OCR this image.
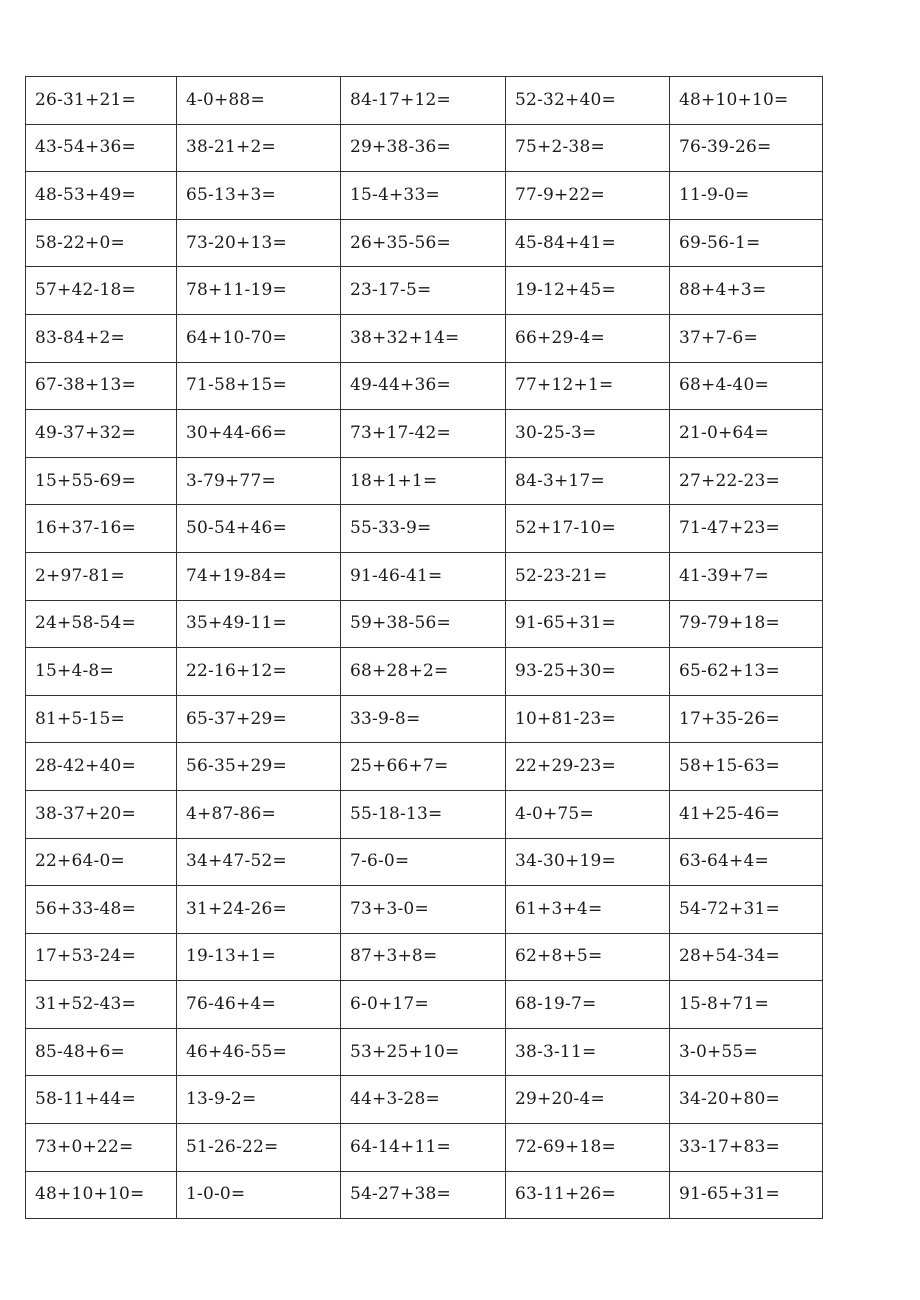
26-31+21=	4-0+88=	84-17+12=	52-32+40=	48+10+10=
43-54+36=	38-21+2=	29+38-36=	75+2-38=	76-39-26=
48-53+49=	65-13+3=	15-4+33=	77-9+22=	11-9-0=
58-22+0=	73-20+13=	26+35-56=	45-84+41=	69-56-1=
57+42-18=	78+11-19=	23-17-5=	19-12+45=	88+4+3=
83-84+2=	64+10-70=	38+32+14=	66+29-4=	37+7-6=
67-38+13=	71-58+15=	49-44+36=	77+12+1=	68+4-40=
49-37+32=	30+44-66=	73+17-42=	30-25-3=	21-0+64=
15+55-69=	3-79+77=	18+1+1=	84-3+17=	27+22-23=
16+37-16=	50-54+46=	55-33-9=	52+17-10=	71-47+23=
2+97-81=	74+19-84=	91-46-41=	52-23-21=	41-39+7=
24+58-54=	35+49-11=	59+38-56=	91-65+31=	79-79+18=
15+4-8=	22-16+12=	68+28+2=	93-25+30=	65-62+13=
81+5-15=	65-37+29=	33-9-8=	10+81-23=	17+35-26=
28-42+40=	56-35+29=	25+66+7=	22+29-23=	58+15-63=
38-37+20=	4+87-86=	55-18-13=	4-0+75=	41+25-46=
22+64-0=	34+47-52=	7-6-0=	34-30+19=	63-64+4=
56+33-48=	31+24-26=	73+3-0=	61+3+4=	54-72+31=
17+53-24=	19-13+1=	87+3+8=	62+8+5=	28+54-34=
31+52-43=	76-46+4=	6-0+17=	68-19-7=	15-8+71=
85-48+6=	46+46-55=	53+25+10=	38-3-11=	3-0+55=
58-11+44=	13-9-2=	44+3-28=	29+20-4=	34-20+80=
73+0+22=	51-26-22=	64-14+11=	72-69+18=	33-17+83=
48+10+10=	1-0-0=	54-27+38=	63-11+26=	91-65+31=
